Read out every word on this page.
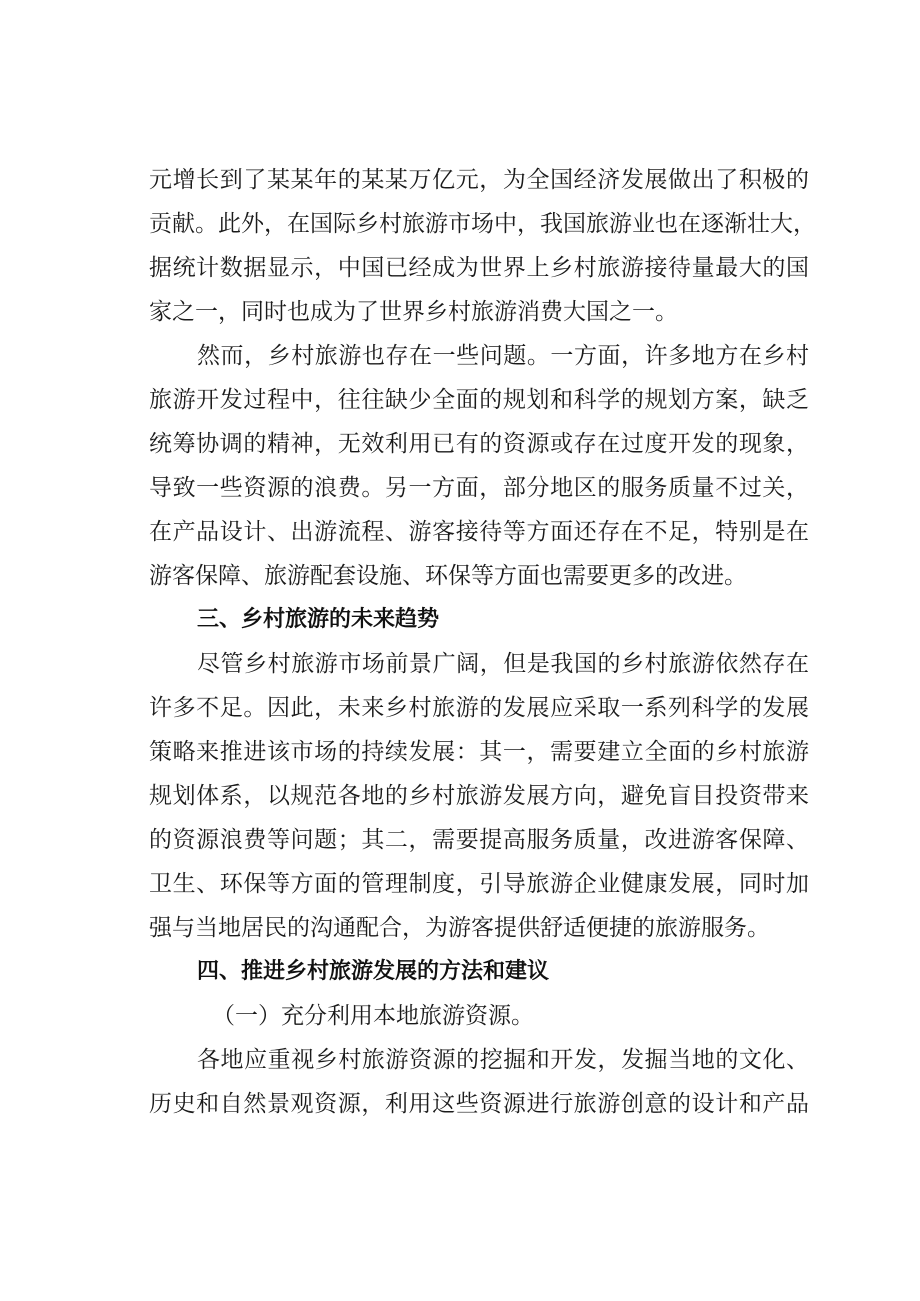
元增长到了某某年的某某万亿元，为全国经济发展做出了积极的
贡献。此外，在国际乡村旅游市场中，我国旅游业也在逐渐壮大，
据统计数据显示，中国已经成为世界上乡村旅游接待量最大的国
家之一，同时也成为了世界乡村旅游消费大国之一。
然而，乡村旅游也存在一些问题。一方面，许多地方在乡村
旅游开发过程中，往往缺少全面的规划和科学的规划方案，缺乏
统筹协调的精神，无效利用已有的资源或存在过度开发的现象，
导致一些资源的浪费。另一方面，部分地区的服务质量不过关，
在产品设计、出游流程、游客接待等方面还存在不足，特别是在
游客保障、旅游配套设施、环保等方面也需要更多的改进。
三、乡村旅游的未来趋势
尽管乡村旅游市场前景广阔，但是我国的乡村旅游依然存在
许多不足。因此，未来乡村旅游的发展应采取一系列科学的发展
策略来推进该市场的持续发展：其一，需要建立全面的乡村旅游
规划体系，以规范各地的乡村旅游发展方向，避免盲目投资带来
的资源浪费等问题；其二，需要提高服务质量，改进游客保障、
卫生、环保等方面的管理制度，引导旅游企业健康发展，同时加
强与当地居民的沟通配合，为游客提供舒适便捷的旅游服务。
四、推进乡村旅游发展的方法和建议
（一）充分利用本地旅游资源。
各地应重视乡村旅游资源的挖掘和开发，发掘当地的文化、
历史和自然景观资源，利用这些资源进行旅游创意的设计和产品
